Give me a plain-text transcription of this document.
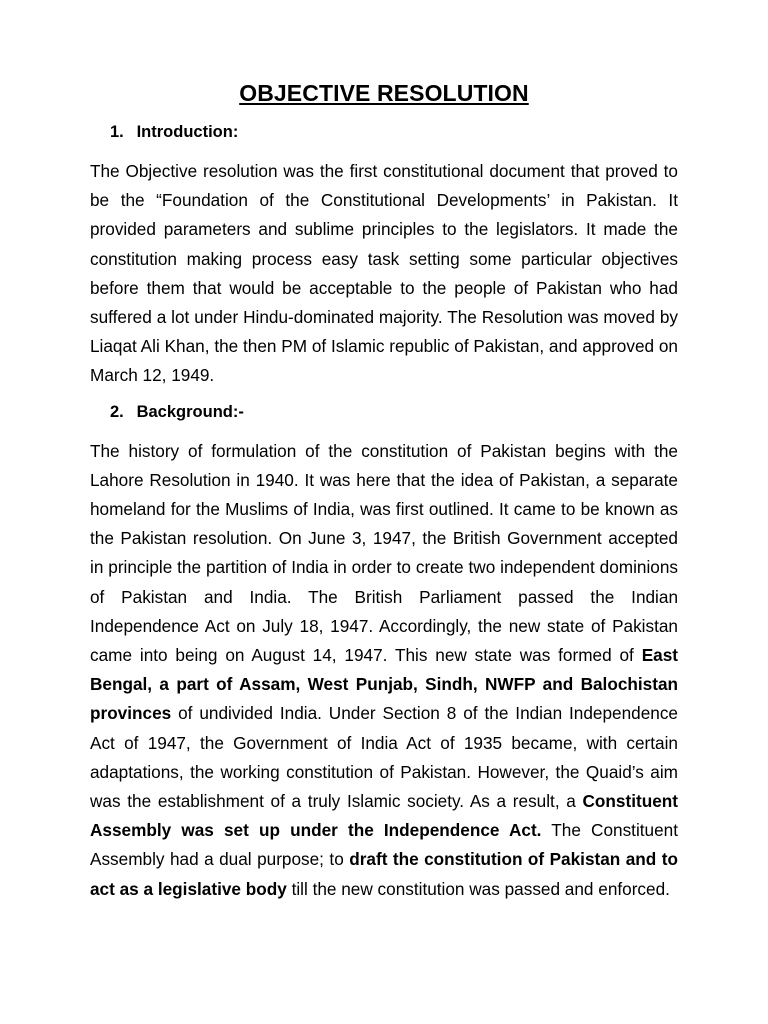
OBJECTIVE RESOLUTION
1. Introduction:

The Objective resolution was the first constitutional document that proved to be the “Foundation of the Constitutional Developments’ in Pakistan. It provided parameters and sublime principles to the legislators. It made the constitution making process easy task setting some particular objectives before them that would be acceptable to the people of Pakistan who had suffered a lot under Hindu-dominated majority. The Resolution was moved by Liaqat Ali Khan, the then PM of Islamic republic of Pakistan, and approved on March 12, 1949.

2. Background:-

The history of formulation of the constitution of Pakistan begins with the Lahore Resolution in 1940. It was here that the idea of Pakistan, a separate homeland for the Muslims of India, was first outlined. It came to be known as the Pakistan resolution. On June 3, 1947, the British Government accepted in principle the partition of India in order to create two independent dominions of Pakistan and India. The British Parliament passed the Indian Independence Act on July 18, 1947. Accordingly, the new state of Pakistan came into being on August 14, 1947. This new state was formed of East Bengal, a part of Assam, West Punjab, Sindh, NWFP and Balochistan provinces of undivided India. Under Section 8 of the Indian Independence Act of 1947, the Government of India Act of 1935 became, with certain adaptations, the working constitution of Pakistan. However, the Quaid’s aim was the establishment of a truly Islamic society. As a result, a Constituent Assembly was set up under the Independence Act. The Constituent Assembly had a dual purpose; to draft the constitution of Pakistan and to act as a legislative body till the new constitution was passed and enforced.
